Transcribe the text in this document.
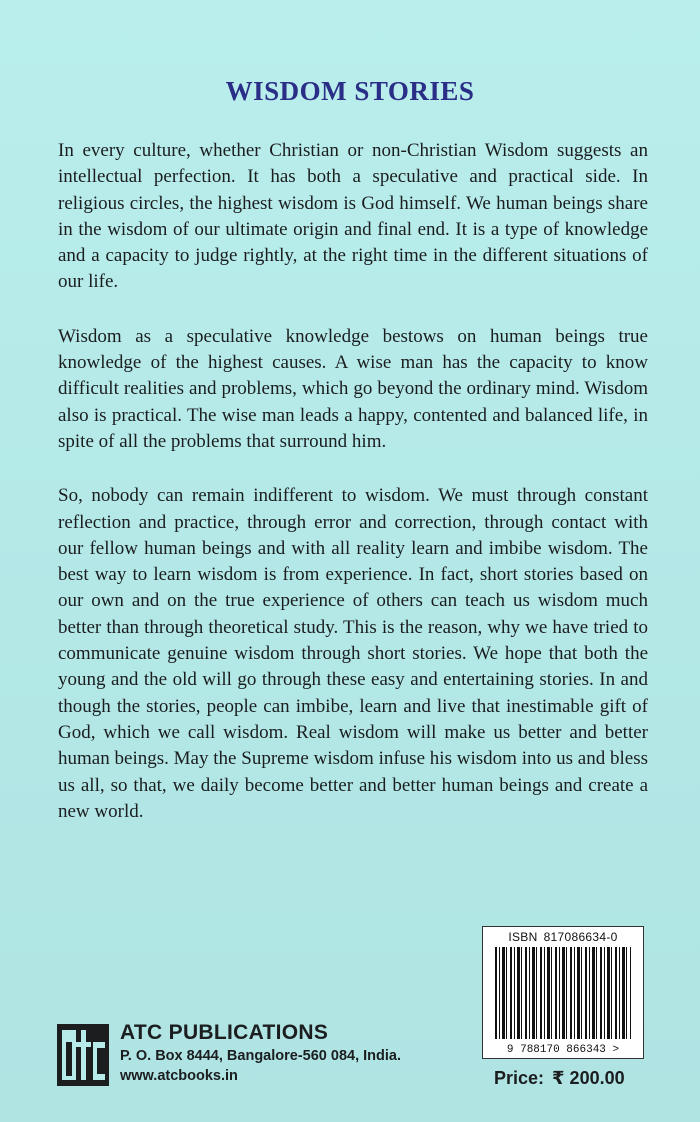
WISDOM STORIES

In every culture, whether Christian or non-Christian Wisdom suggests an intellectual perfection. It has both a speculative and practical side. In religious circles, the highest wisdom is God himself. We human beings share in the wisdom of our ultimate origin and final end. It is a type of knowledge and a capacity to judge rightly, at the right time in the different situations of our life.

Wisdom as a speculative knowledge bestows on human beings true knowledge of the highest causes. A wise man has the capacity to know difficult realities and problems, which go beyond the ordinary mind. Wisdom also is practical. The wise man leads a happy, contented and balanced life, in spite of all the problems that surround him.

So, nobody can remain indifferent to wisdom. We must through constant reflection and practice, through error and correction, through contact with our fellow human beings and with all reality learn and imbibe wisdom. The best way to learn wisdom is from experience. In fact, short stories based on our own and on the true experience of others can teach us wisdom much better than through theoretical study. This is the reason, why we have tried to communicate genuine wisdom through short stories. We hope that both the young and the old will go through these easy and entertaining stories. In and though the stories, people can imbibe, learn and live that inestimable gift of God, which we call wisdom. Real wisdom will make us better and better human beings. May the Supreme wisdom infuse his wisdom into us and bless us all, so that, we daily become better and better human beings and create a new world.

ISBN 817086634-0
9 788170 866343 >
Price: ₹ 200.00
ATC PUBLICATIONS
P. O. Box 8444, Bangalore-560 084, India.
www.atcbooks.in
